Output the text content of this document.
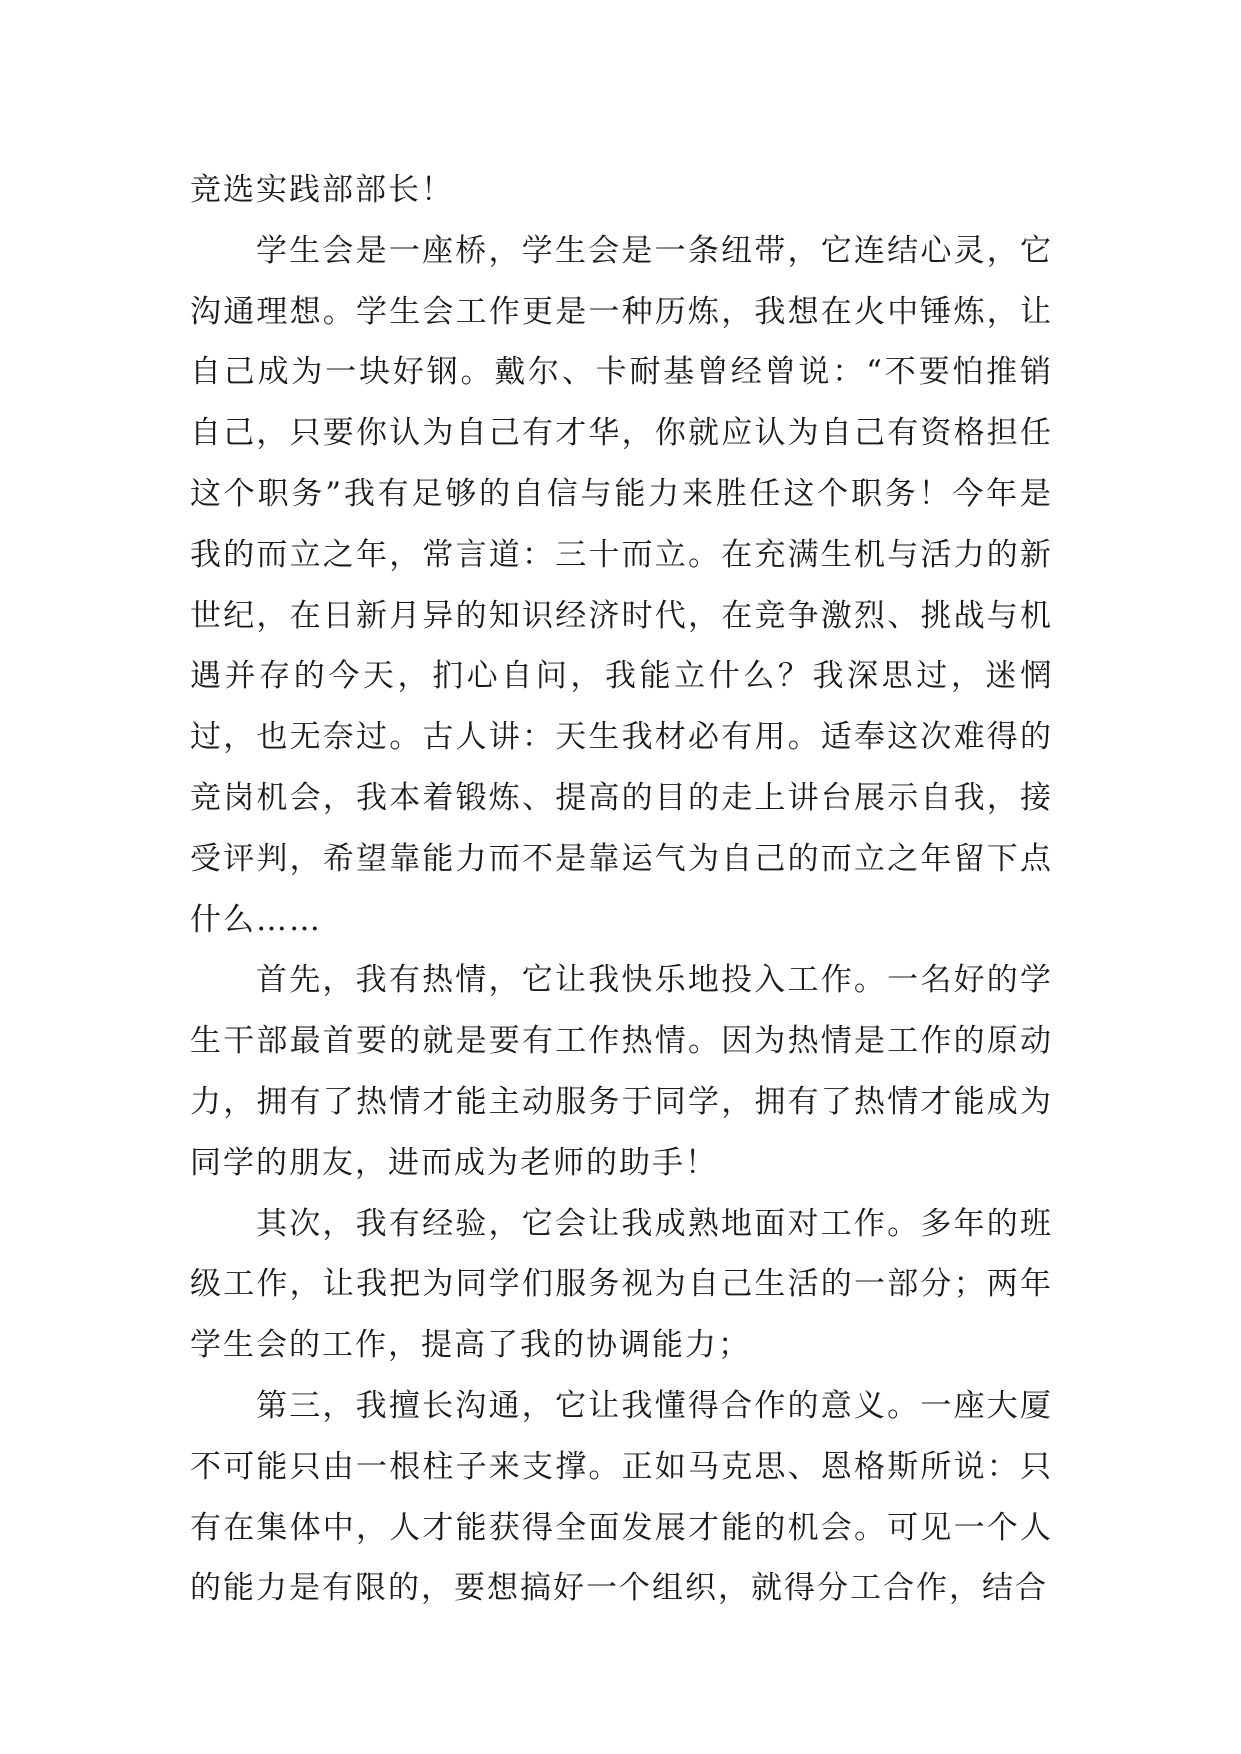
竞选实践部部长！

学生会是一座桥，学生会是一条纽带，它连结心灵，它沟通理想。学生会工作更是一种历炼，我想在火中锤炼，让自己成为一块好钢。戴尔、卡耐基曾经曾说：“不要怕推销自己，只要你认为自己有才华，你就应认为自己有资格担任这个职务”我有足够的自信与能力来胜任这个职务！今年是我的而立之年，常言道：三十而立。在充满生机与活力的新世纪，在日新月异的知识经济时代，在竞争激烈、挑战与机遇并存的今天，扪心自问，我能立什么？我深思过，迷惘过，也无奈过。古人讲：天生我材必有用。适奉这次难得的竞岗机会，我本着锻炼、提高的目的走上讲台展示自我，接受评判，希望靠能力而不是靠运气为自己的而立之年留下点什么……

首先，我有热情，它让我快乐地投入工作。一名好的学生干部最首要的就是要有工作热情。因为热情是工作的原动力，拥有了热情才能主动服务于同学，拥有了热情才能成为同学的朋友，进而成为老师的助手！

其次，我有经验，它会让我成熟地面对工作。多年的班级工作，让我把为同学们服务视为自己生活的一部分；两年学生会的工作，提高了我的协调能力；

第三，我擅长沟通，它让我懂得合作的意义。一座大厦不可能只由一根柱子来支撑。正如马克思、恩格斯所说：只有在集体中，人才能获得全面发展才能的机会。可见一个人的能力是有限的，要想搞好一个组织，就得分工合作，结合
